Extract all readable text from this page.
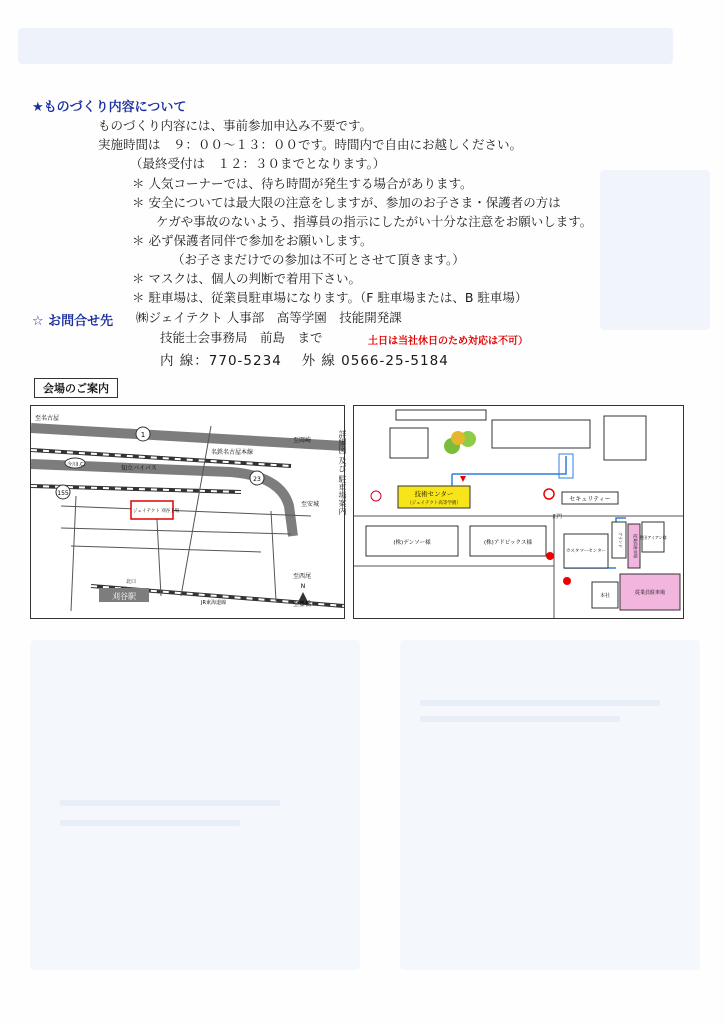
★ものづくり内容について
ものづくり内容には、事前参加申込み不要です。
実施時間は　９：００〜１３：００です。時間内で自由にお越しください。
（最終受付は　１２：３０までとなります。）
＊ 人気コーナーでは、待ち時間が発生する場合があります。
＊ 安全については最大限の注意をしますが、参加のお子さま・保護者の方は
ケガや事故のないよう、指導員の指示にしたがい十分な注意をお願いします。
＊ 必ず保護者同伴で参加をお願いします。
（お子さまだけでの参加は不可とさせて頂きます。）
＊ マスクは、個人の判断で着用下さい。
＊ 駐車場は、従業員駐車場になります。（F 駐車場または、B 駐車場）
☆ お問合せ先 ㈱ジェイテクト 人事部　高等学園　技能開発課
技能士会事務局　前島　まで	土日は当社休日のため対応は不可）
内 線：770-5234　 外 線 0566-25-5184
会場のご案内
N
1
155
23
至名古屋
至岡崎
名鉄名古屋本線
知立バイパス
今川I.C.
ジェイテクト 刈谷工場
刈谷駅
北口
至豊橋
至西尾
至安城
JR東海道線
詳細図 及び 駐車場案内	技術センター
（ジェイテクト高等学園）
セキュリティー
正門
(株)デンソー様	(株)アドビックス様
カスタマーセンター
本社
従業員駐車場 豊田アイアン様
グランド
従業員駐車場
